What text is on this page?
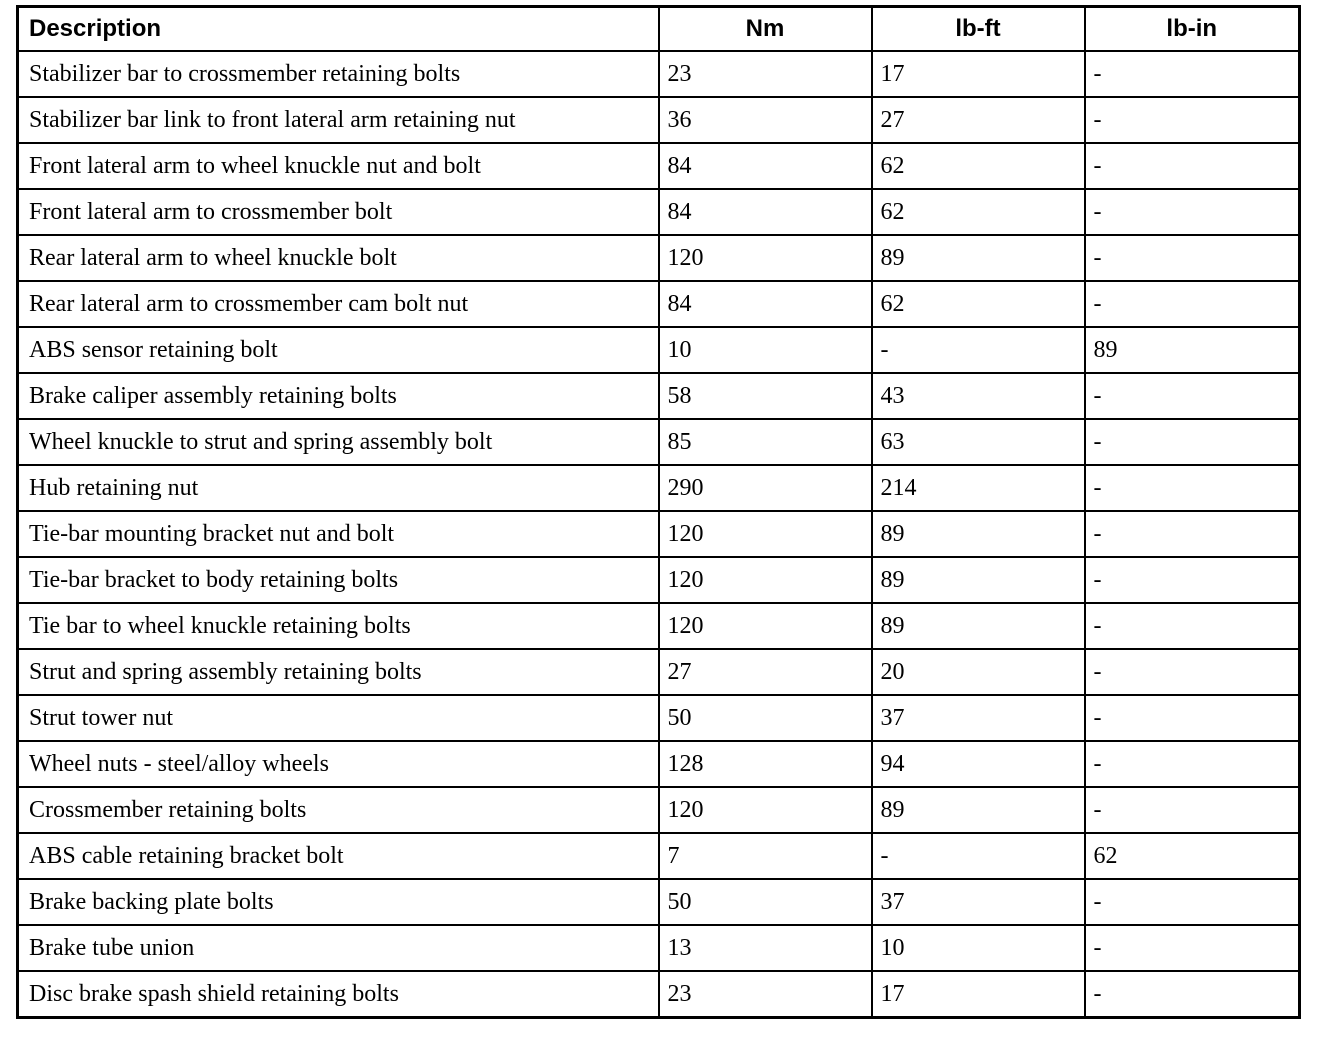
Description	Nm	lb-ft	lb-in
Stabilizer bar to crossmember retaining bolts	23	17	-
Stabilizer bar link to front lateral arm retaining nut	36	27	-
Front lateral arm to wheel knuckle nut and bolt	84	62	-
Front lateral arm to crossmember bolt	84	62	-
Rear lateral arm to wheel knuckle bolt	120	89	-
Rear lateral arm to crossmember cam bolt nut	84	62	-
ABS sensor retaining bolt	10	-	89
Brake caliper assembly retaining bolts	58	43	-
Wheel knuckle to strut and spring assembly bolt	85	63	-
Hub retaining nut	290	214	-
Tie-bar mounting bracket nut and bolt	120	89	-
Tie-bar bracket to body retaining bolts	120	89	-
Tie bar to wheel knuckle retaining bolts	120	89	-
Strut and spring assembly retaining bolts	27	20	-
Strut tower nut	50	37	-
Wheel nuts - steel/alloy wheels	128	94	-
Crossmember retaining bolts	120	89	-
ABS cable retaining bracket bolt	7	-	62
Brake backing plate bolts	50	37	-
Brake tube union	13	10	-
Disc brake spash shield retaining bolts	23	17	-
